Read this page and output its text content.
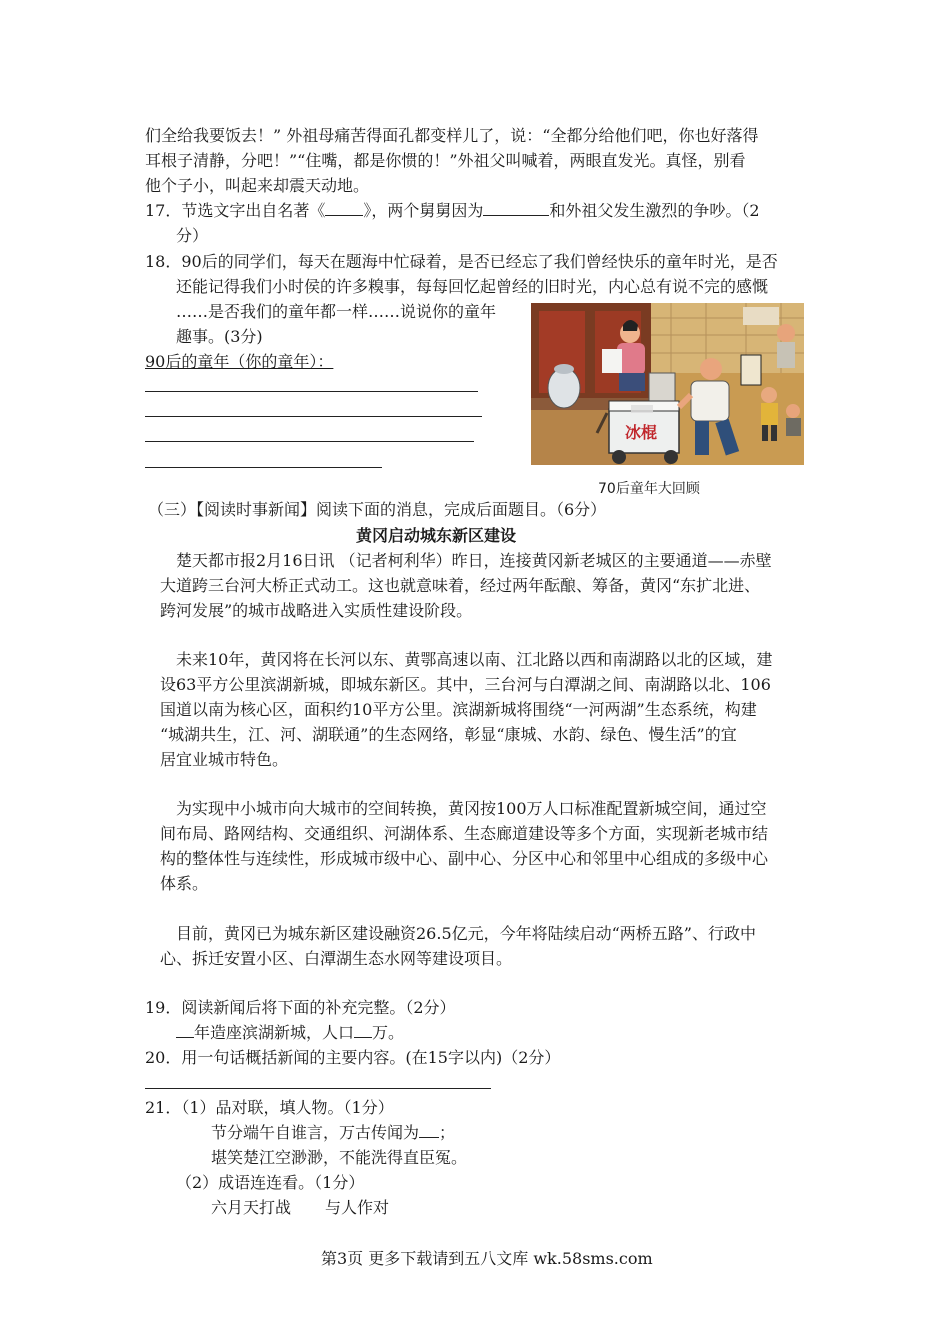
们全给我要饭去！” 外祖母痛苦得面孔都变样儿了，说：“全都分给他们吧，你也好落得
耳根子清静，分吧！”“住嘴，都是你惯的！”外祖父叫喊着，两眼直发光。真怪，别看
他个子小，叫起来却震天动地。
17．节选文字出自名著《 》，两个舅舅因为	和外祖父发生激烈的争吵。（2
分）
18．90后的同学们，每天在题海中忙碌着，是否已经忘了我们曾经快乐的童年时光，是否
还能记得我们小时侯的许多糗事，每每回忆起曾经的旧时光，内心总有说不完的感慨
……是否我们的童年都一样……说说你的童年
趣事。(3分)
90后的童年（你的童年）：
冰棍
70后童年大回顾
（三）【阅读时事新闻】阅读下面的消息，完成后面题目。（6分）
黄冈启动城东新区建设
楚天都市报2月16日讯 （记者柯利华）昨日，连接黄冈新老城区的主要通道——赤壁
大道跨三台河大桥正式动工。这也就意味着，经过两年酝酿、筹备，黄冈“东扩北进、
跨河发展”的城市战略进入实质性建设阶段。
未来10年，黄冈将在长河以东、黄鄂高速以南、江北路以西和南湖路以北的区域，建
设63平方公里滨湖新城，即城东新区。其中，三台河与白潭湖之间、南湖路以北、106
国道以南为核心区，面积约10平方公里。滨湖新城将围绕“一河两湖”生态系统，构建
“城湖共生，江、河、湖联通”的生态网络，彰显“康城、水韵、绿色、慢生活”的宜
居宜业城市特色。
为实现中小城市向大城市的空间转换，黄冈按100万人口标准配置新城空间，通过空
间布局、路网结构、交通组织、河湖体系、生态廊道建设等多个方面，实现新老城市结
构的整体性与连续性，形成城市级中心、副中心、分区中心和邻里中心组成的多级中心
体系。
目前，黄冈已为城东新区建设融资26.5亿元，今年将陆续启动“两桥五路”、行政中
心、拆迁安置小区、白潭湖生态水网等建设项目。
19．阅读新闻后将下面的补充完整。（2分）
年造座滨湖新城，人口 万。
20．用一句话概括新闻的主要内容。(在15字以内)（2分）
21．（1）品对联，填人物。（1分）
节分端午自谁言，万古传闻为 ；
堪笑楚江空渺渺，不能洗得直臣冤。
（2）成语连连看。（1分）
六月天打战 与人作对
第3页 更多下载请到五八文库 wk.58sms.com
